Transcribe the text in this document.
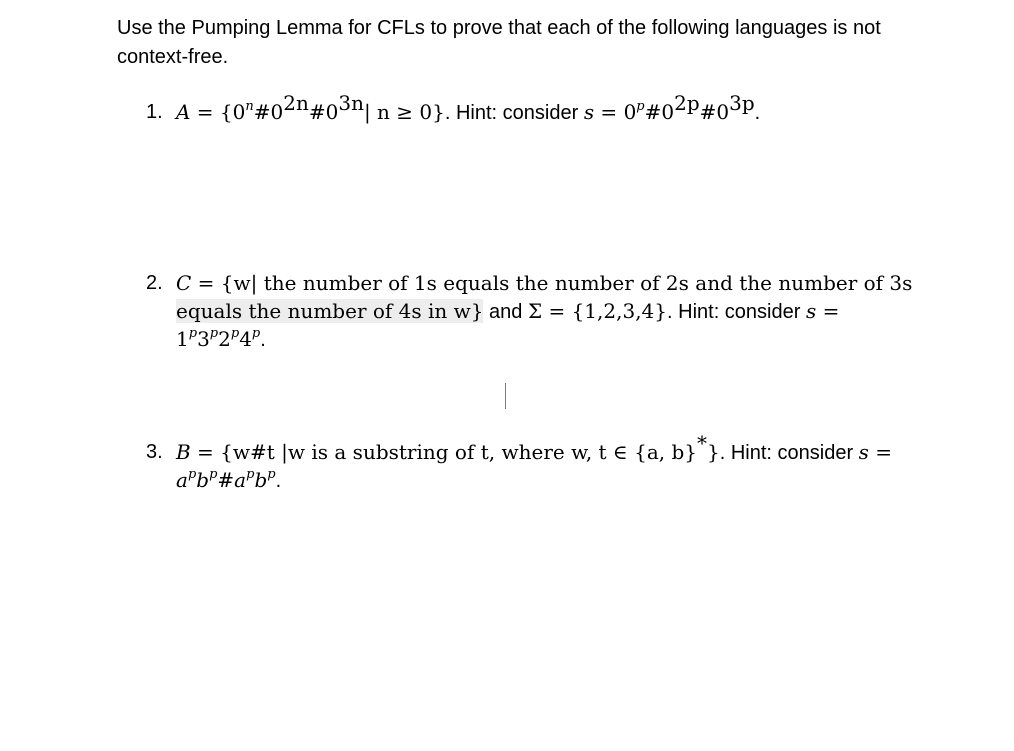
Use the Pumping Lemma for CFLs to prove that each of the following languages is not context-free.
1. $A = \{0^n\#0^{2n}\#0^{3n}|$ n ≥ 0}. Hint: consider $s = 0^p\#0^{2p}\#0^{3p}$.
2. C = {w| the number of 1s equals the number of 2s and the number of 3s
equals the number of 4s in w} and Σ = {1,2,3,4}. Hint: consider s =
$1^p3^p2^p4^p$.
3. B = {w#t |w is a substring of t, where w, t ∈ {a, b}*}. Hint: consider s =
$a^pb^p\#a^pb^p$.
